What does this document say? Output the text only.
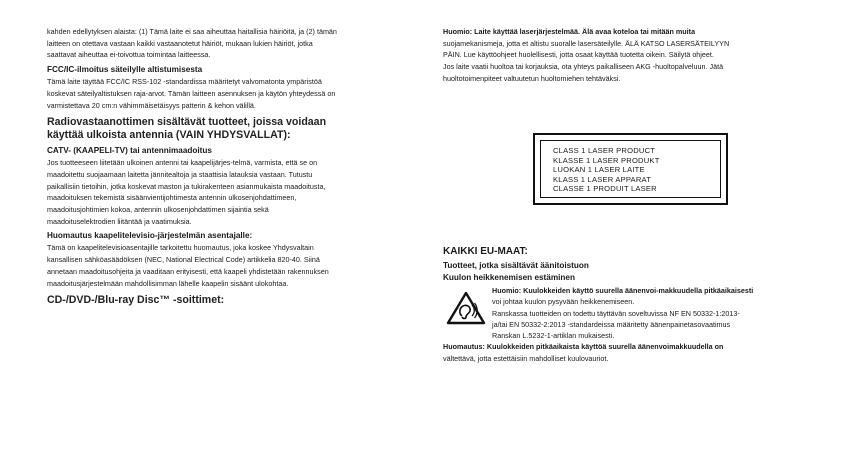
kahden edellytyksen alaista: (1) Tämä laite ei saa aiheuttaa haitallisia häiriöitä, ja (2) tämän

laitteen on otettava vastaan kaikki vastaanotetut häiriöt, mukaan lukien häiriöt, jotka

saattavat aiheuttaa ei-toivottua toimintaa laitteessa.

FCC/IC-ilmoitus säteilylle altistumisesta

Tämä laite täyttää FCC/IC RSS-102 -standardissa määritetyt valvomatonta ympäristöä

koskevat säteilyaltistuksen raja-arvot. Tämän laitteen asennuksen ja käytön yhteydessä on

varmistettava 20 cm:n vähimmäisetäisyys patterin & kehon välillä.

Radiovastaanottimen sisältävät tuotteet, joissa voidaan
käyttää ulkoista antennia (VAIN YHDYSVALLAT):
CATV- (KAAPELI-TV) tai antennimaadoitus

Jos tuotteeseen liitetään ulkoinen antenni tai kaapelijärjes-telmä, varmista, että se on

maadoitettu suojaamaan laitetta jännitealtoja ja staattisia latauksia vastaan. Tutustu

paikallisiin tietoihin, jotka koskevat maston ja tukirakenteen asianmukaista maadoitusta,

maadoituksen tekemistä sisäänvientijohtimesta antennin ulkosenjohdattimeen,

maadoitusjohtimien kokoa, antennin ulkosenjohdattimen sijaintia sekä

maadoituselektrodien liitäntää ja vaatimuksia.

Huomautus kaapelitelevisio-järjestelmän asentajalle:

Tämä on kaapelitelevisioasentajille tarkoitettu huomautus, joka koskee Yhdysvaltain

kansallisen sähköasäädöksen (NEC, National Electrical Code) artikkelia 820-40. Siinä

annetaan maadoitusohjeita ja vaaditaan erityisesti, että kaapeli yhdistetään rakennuksen

maadoitusjärjestelmään mahdollisimman lähelle kaapelin sisäänt ulokohtaa.

CD-/DVD-/Blu-ray Disc™ -soittimet:

Huomio: Laite käyttää laserjärjestelmää. Älä avaa koteloa tai mitään muita

suojamekanismeja, jotta et altistu suoralle lasersäteilylle. ÄLÄ KATSO LASERSÄTEILYYN

PÄIN. Lue käyttöohjeet huolellisesti, jotta osaat käyttää tuotetta oikein. Säilytä ohjeet.

Jos laite vaatii huoltoa tai korjauksia, ota yhteys paikalliseen AKG -huoltopalveluun. Jätä

huoltotoimenpiteet valtuutetun huoltomiehen tehtäväksi.

CLASS 1 LASER PRODUCT
KLASSE 1 LASER PRODUKT
LUOKAN 1 LASER LAITE
KLASS 1 LASER APPARAT
CLASSE 1 PRODUIT LASER
KAIKKI EU-MAAT:
Tuotteet, jotka sisältävät äänitoistuon
Kuulon heikkenemisen estäminen

Huomio: Kuulokkeiden käyttö suurella äänenvoi-makkuudella pitkäaikaisesti

voi johtaa kuulon pysyvään heikkenemiseen.

Ranskassa tuotteiden on todettu täyttävän soveltuvissa NF EN 50332-1:2013-

ja/tai EN 50332-2:2013 -standardeissa määritetty äänenpainetasovaatimus

Ranskan L.5232-1-artiklan mukaisesti.

Huomautus: Kuulokkeiden pitkäaikaista käyttöä suurella äänenvoimakkuudella on

vältettävä, jotta estettäisiin mahdolliset kuulovauriot.
